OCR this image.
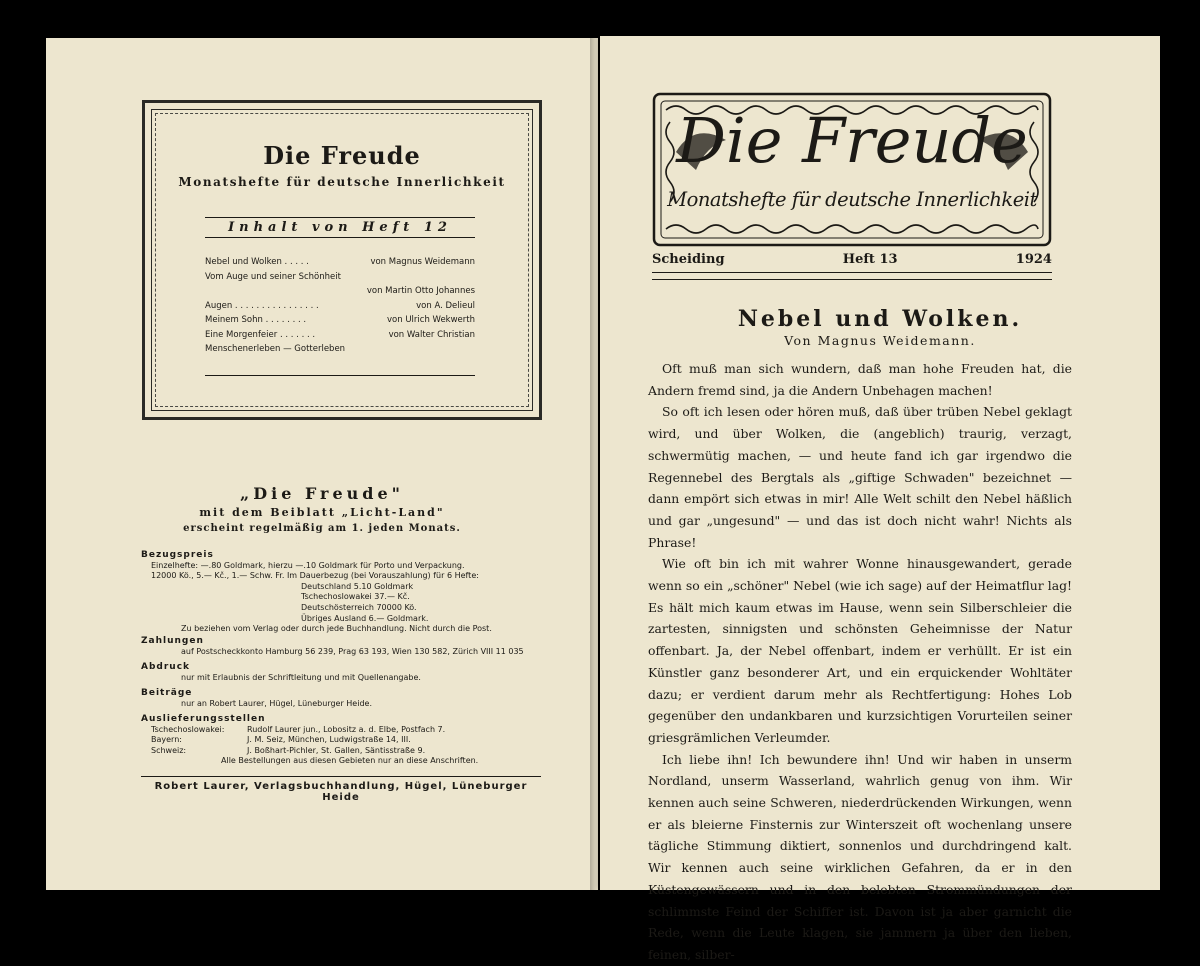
Die Freude
Monatshefte für deutsche Innerlichkeit
Inhalt von Heft 12
Nebel und Wolken . . . . .	von Magnus Weidemann
Vom Auge und seiner Schönheit
von Martin Otto Johannes
Augen . . . . . . . . . . . . . . . .	von A. Delieul
Meinem Sohn . . . . . . . .	von Ulrich Wekwerth
Eine Morgenfeier . . . . . . .	von Walter Christian
Menschenerleben — Gotterleben
„Die Freude"
mit dem Beiblatt „Licht-Land"
erscheint regelmäßig am 1. jeden Monats.
Bezugspreis
Einzelhefte: —.80 Goldmark, hierzu —.10 Goldmark für Porto und Verpackung.
12000 Kö., 5.— Kč., 1.— Schw. Fr. Im Dauerbezug (bei Vorauszahlung) für 6 Hefte:
Deutschland 5.10 Goldmark
Tschechoslowakei 37.— Kč.
Deutschösterreich 70000 Kö.
Übriges Ausland 6.— Goldmark.
Zu beziehen vom Verlag oder durch jede Buchhandlung. Nicht durch die Post.
Zahlungen
auf Postscheckkonto Hamburg 56 239, Prag 63 193, Wien 130 582, Zürich VIII 11 035
Abdruck
nur mit Erlaubnis der Schriftleitung und mit Quellenangabe.
Beiträge
nur an Robert Laurer, Hügel, Lüneburger Heide.
Auslieferungsstellen
Tschechoslowakei:	Rudolf Laurer jun., Lobositz a. d. Elbe, Postfach 7.
Bayern:	J. M. Seiz, München, Ludwigstraße 14, III.
Schweiz:	J. Boßhart-Pichler, St. Gallen, Säntisstraße 9.
Alle Bestellungen aus diesen Gebieten nur an diese Anschriften.
Robert Laurer, Verlagsbuchhandlung, Hügel, Lüneburger Heide
Die Freude
Monatshefte für deutsche Innerlichkeit
Scheiding	Heft 13	1924
Nebel und Wolken.
Von Magnus Weidemann.

Oft muß man sich wundern, daß man hohe Freuden hat, die Andern fremd sind, ja die Andern Unbehagen machen!

So oft ich lesen oder hören muß, daß über trüben Nebel geklagt wird, und über Wolken, die (angeblich) traurig, verzagt, schwermütig machen, — und heute fand ich gar irgendwo die Regennebel des Bergtals als „giftige Schwaden" bezeichnet — dann empört sich etwas in mir! Alle Welt schilt den Nebel häßlich und gar „ungesund" — und das ist doch nicht wahr! Nichts als Phrase!

Wie oft bin ich mit wahrer Wonne hinausgewandert, gerade wenn so ein „schöner" Nebel (wie ich sage) auf der Heimatflur lag! Es hält mich kaum etwas im Hause, wenn sein Silberschleier die zartesten, sinnigsten und schönsten Geheimnisse der Natur offenbart. Ja, der Nebel offenbart, indem er verhüllt. Er ist ein Künstler ganz besonderer Art, und ein erquickender Wohltäter dazu; er verdient darum mehr als Rechtfertigung: Hohes Lob gegenüber den undankbaren und kurzsichtigen Vorurteilen seiner griesgrämlichen Verleumder.

Ich liebe ihn! Ich bewundere ihn! Und wir haben in unserm Nordland, unserm Wasserland, wahrlich genug von ihm. Wir kennen auch seine Schweren, niederdrückenden Wirkungen, wenn er als bleierne Finsternis zur Winterszeit oft wochenlang unsere tägliche Stimmung diktiert, sonnenlos und durchdringend kalt. Wir kennen auch seine wirklichen Gefahren, da er in den Küstengewässern und in den belebten Strommündungen der schlimmste Feind der Schiffer ist. Davon ist ja aber garnicht die Rede, wenn die Leute klagen, sie jammern ja über den lieben, feinen, silber-
